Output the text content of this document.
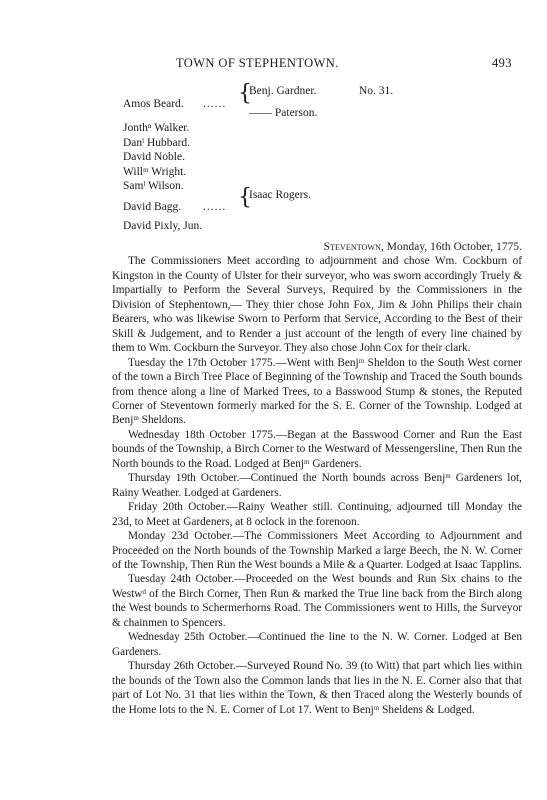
TOWN OF STEPHENTOWN.	493
Amos Beard. ...... {
Benj. Gardner.	No. 31.
—— Paterson.
Jonthⁿ Walker.
Danˡ Hubbard.
David Noble.
Willᵐ Wright.
Samˡ Wilson.
David Bagg. ...... {
Isaac Rogers.
David Pixly, Jun.

Steventown, Monday, 16th October, 1775.

The Commissioners Meet according to adjournment and chose Wm. Cockburn of Kingston in the County of Ulster for their surveyor, who was sworn accordingly Truely & Impartially to Perform the Several Surveys, Required by the Commissioners in the Division of Stephentown,— They thier chose John Fox, Jim & John Philips their chain Bearers, who was likewise Sworn to Perform that Service, According to the Best of their Skill & Judgement, and to Render a just account of the length of every line chained by them to Wm. Cockburn the Surveyor. They also chose John Cox for their clark.

Tuesday the 17th October 1775.—Went with Benjᵐ Sheldon to the South West corner of the town a Birch Tree Place of Beginning of the Township and Traced the South bounds from thence along a line of Marked Trees, to a Basswood Stump & stones, the Reputed Corner of Steventown formerly marked for the S. E. Corner of the Township. Lodged at Benjᵐ Sheldons.

Wednesday 18th October 1775.—Began at the Basswood Corner and Run the East bounds of the Township, a Birch Corner to the Westward of Messengersline, Then Run the North bounds to the Road. Lodged at Benjᵐ Gardeners.

Thursday 19th October.—Continued the North bounds across Benjᵐ Gardeners lot, Rainy Weather. Lodged at Gardeners.

Friday 20th October.—Rainy Weather still. Continuing, adjourned till Monday the 23d, to Meet at Gardeners, at 8 oclock in the forenoon.

Monday 23d October.—The Commissioners Meet According to Adjournment and Proceeded on the North bounds of the Township Marked a large Beech, the N. W. Corner of the Township, Then Run the West bounds a Mile & a Quarter. Lodged at Isaac Tapplins.

Tuesday 24th October.—Proceeded on the West bounds and Run Six chains to the Westwᵈ of the Birch Corner, Then Run & marked the True line back from the Birch along the West bounds to Schermerhorns Road. The Commissioners went to Hills, the Surveyor & chainmen to Spencers.

Wednesday 25th October.—Continued the line to the N. W. Corner. Lodged at Ben Gardeners.

Thursday 26th October.—Surveyed Round No. 39 (to Witt) that part which lies within the bounds of the Town also the Common lands that lies in the N. E. Corner also that that part of Lot No. 31 that lies within the Town, & then Traced along the Westerly bounds of the Home lots to the N. E. Corner of Lot 17. Went to Benjᵐ Sheldens & Lodged.
